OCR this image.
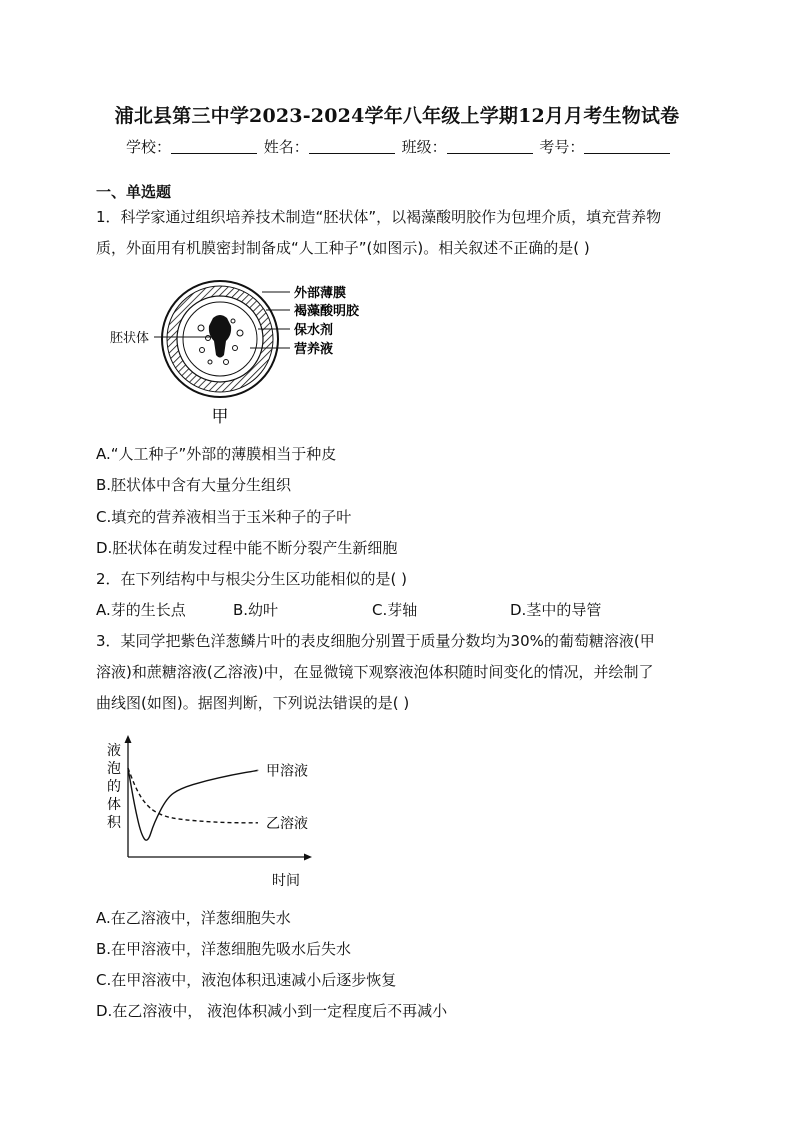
浦北县第三中学2023-2024学年八年级上学期12月月考生物试卷
学校：	姓名：	班级：	考号：
一、单选题
1．科学家通过组织培养技术制造“胚状体”，以褐藻酸明胶作为包埋介质，填充营养物
质，外面用有机膜密封制备成“人工种子”(如图示)。相关叙述不正确的是( )
外部薄膜
褐藻酸明胶
保水剂
营养液
胚状体
甲
A.“人工种子”外部的薄膜相当于种皮
B.胚状体中含有大量分生组织
C.填充的营养液相当于玉米种子的子叶
D.胚状体在萌发过程中能不断分裂产生新细胞
2．在下列结构中与根尖分生区功能相似的是( )
A.芽的生长点	B.幼叶	C.芽轴	D.茎中的导管
3．某同学把紫色洋葱鳞片叶的表皮细胞分别置于质量分数均为30%的葡萄糖溶液(甲
溶液)和蔗糖溶液(乙溶液)中，在显微镜下观察液泡体积随时间变化的情况，并绘制了
曲线图(如图)。据图判断，下列说法错误的是( )
液
泡
的
体
积
时间
甲溶液
乙溶液
A.在乙溶液中，洋葱细胞失水
B.在甲溶液中，洋葱细胞先吸水后失水
C.在甲溶液中，液泡体积迅速减小后逐步恢复
D.在乙溶液中， 液泡体积减小到一定程度后不再减小
